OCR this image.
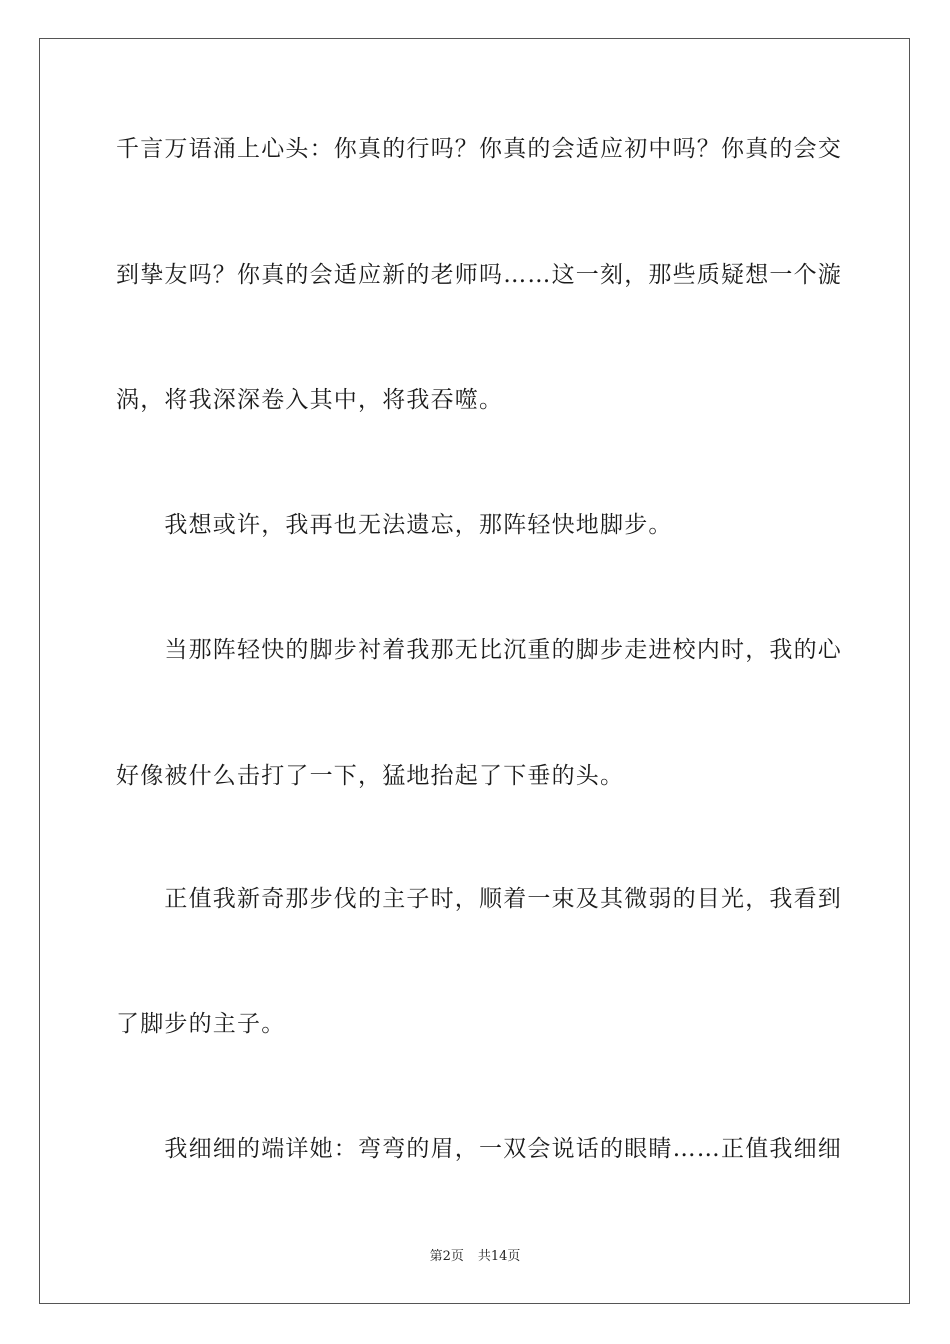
千言万语涌上心头：你真的行吗？你真的会适应初中吗？你真的会交
到挚友吗？你真的会适应新的老师吗……这一刻，那些质疑想一个漩
涡，将我深深卷入其中，将我吞噬。
　　我想或许，我再也无法遗忘，那阵轻快地脚步。
　　当那阵轻快的脚步衬着我那无比沉重的脚步走进校内时，我的心
好像被什么击打了一下，猛地抬起了下垂的头。
　　正值我新奇那步伐的主子时，顺着一束及其微弱的目光，我看到
了脚步的主子。
　　我细细的端详她：弯弯的眉，一双会说话的眼睛……正值我细细
第2页 共14页
